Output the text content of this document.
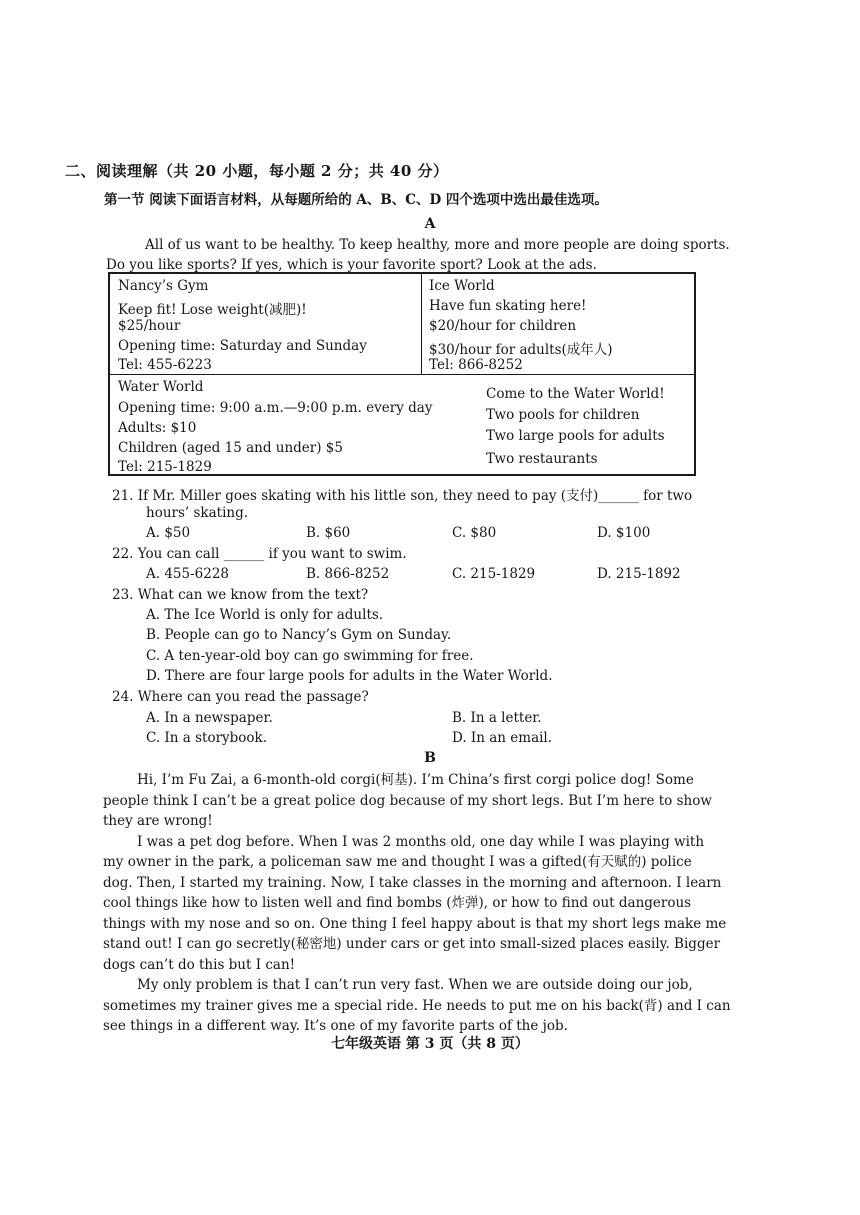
二、阅读理解（共 20 小题，每小题 2 分；共 40 分）
第一节 阅读下面语言材料，从每题所给的 A、B、C、D 四个选项中选出最佳选项。
A
All of us want to be healthy. To keep healthy, more and more people are doing sports.
Do you like sports? If yes, which is your favorite sport? Look at the ads.
Nancy’s Gym
Keep fit! Lose weight(减肥)!
$25/hour
Opening time: Saturday and Sunday
Tel: 455-6223
Ice World
Have fun skating here!
$20/hour for children
$30/hour for adults(成年人)
Tel: 866-8252
Water World
Opening time: 9:00 a.m.—9:00 p.m. every day
Adults: $10
Children (aged 15 and under) $5
Tel: 215-1829
Come to the Water World!
Two pools for children
Two large pools for adults
Two restaurants
21. If Mr. Miller goes skating with his little son, they need to pay (支付)______ for two
hours’ skating.
A. $50	B. $60	C. $80	D. $100
22. You can call ______ if you want to swim.
A. 455-6228	B. 866-8252	C. 215-1829	D. 215-1892
23. What can we know from the text?
A. The Ice World is only for adults.
B. People can go to Nancy’s Gym on Sunday.
C. A ten-year-old boy can go swimming for free.
D. There are four large pools for adults in the Water World.
24. Where can you read the passage?
A. In a newspaper.	B. In a letter.
C. In a storybook.	D. In an email.
B
Hi, I’m Fu Zai, a 6-month-old corgi(柯基). I’m China’s first corgi police dog! Some
people think I can’t be a great police dog because of my short legs. But I’m here to show
they are wrong!
I was a pet dog before. When I was 2 months old, one day while I was playing with
my owner in the park, a policeman saw me and thought I was a gifted(有天赋的) police
dog. Then, I started my training. Now, I take classes in the morning and afternoon. I learn
cool things like how to listen well and find bombs (炸弹), or how to find out dangerous
things with my nose and so on. One thing I feel happy about is that my short legs make me
stand out! I can go secretly(秘密地) under cars or get into small-sized places easily. Bigger
dogs can’t do this but I can!
My only problem is that I can’t run very fast. When we are outside doing our job,
sometimes my trainer gives me a special ride. He needs to put me on his back(背) and I can
see things in a different way. It’s one of my favorite parts of the job.
七年级英语 第 3 页（共 8 页）
